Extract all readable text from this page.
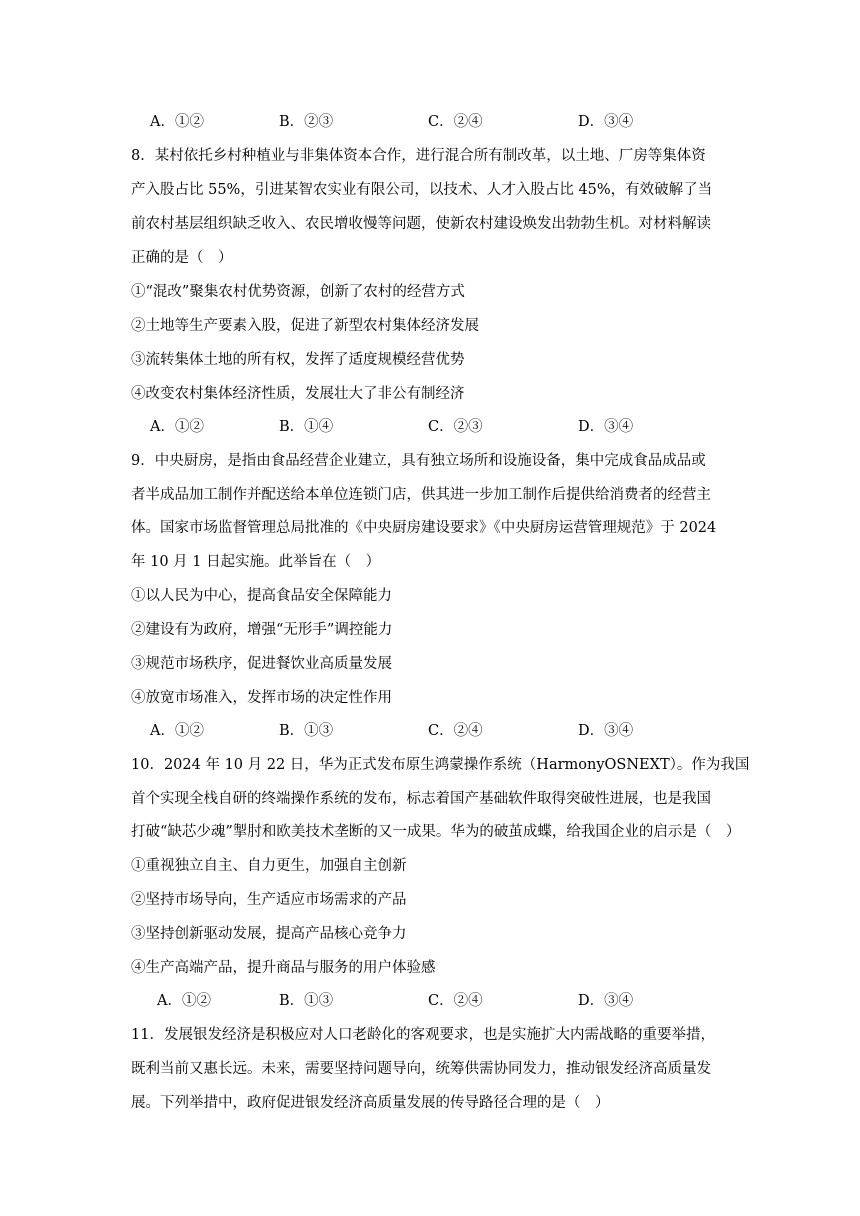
A．①②	B．②③	C．②④	D．③④
8．某村依托乡村种植业与非集体资本合作，进行混合所有制改革，以土地、厂房等集体资
产入股占比 55%，引进某智农实业有限公司，以技术、人才入股占比 45%，有效破解了当
前农村基层组织缺乏收入、农民增收慢等问题，使新农村建设焕发出勃勃生机。对材料解读
正确的是（　）
①“混改”聚集农村优势资源，创新了农村的经营方式
②土地等生产要素入股，促进了新型农村集体经济发展
③流转集体土地的所有权，发挥了适度规模经营优势
④改变农村集体经济性质，发展壮大了非公有制经济
A．①②	B．①④	C．②③	D．③④
9．中央厨房，是指由食品经营企业建立，具有独立场所和设施设备，集中完成食品成品或
者半成品加工制作并配送给本单位连锁门店，供其进一步加工制作后提供给消费者的经营主
体。国家市场监督管理总局批准的《中央厨房建设要求》《中央厨房运营管理规范》于 2024
年 10 月 1 日起实施。此举旨在（　）
①以人民为中心，提高食品安全保障能力
②建设有为政府，增强“无形手”调控能力
③规范市场秩序，促进餐饮业高质量发展
④放宽市场准入，发挥市场的决定性作用
A．①②	B．①③	C．②④	D．③④
10．2024 年 10 月 22 日，华为正式发布原生鸿蒙操作系统（HarmonyOSNEXT）。作为我国
首个实现全栈自研的终端操作系统的发布，标志着国产基础软件取得突破性进展，也是我国
打破“缺芯少魂”掣肘和欧美技术垄断的又一成果。华为的破茧成蝶，给我国企业的启示是（　）
①重视独立自主、自力更生，加强自主创新
②坚持市场导向，生产适应市场需求的产品
③坚持创新驱动发展，提高产品核心竞争力
④生产高端产品，提升商品与服务的用户体验感
A．①②	B．①③	C．②④	D．③④
11．发展银发经济是积极应对人口老龄化的客观要求，也是实施扩大内需战略的重要举措，
既利当前又惠长远。未来，需要坚持问题导向，统筹供需协同发力，推动银发经济高质量发
展。下列举措中，政府促进银发经济高质量发展的传导路径合理的是（　）
